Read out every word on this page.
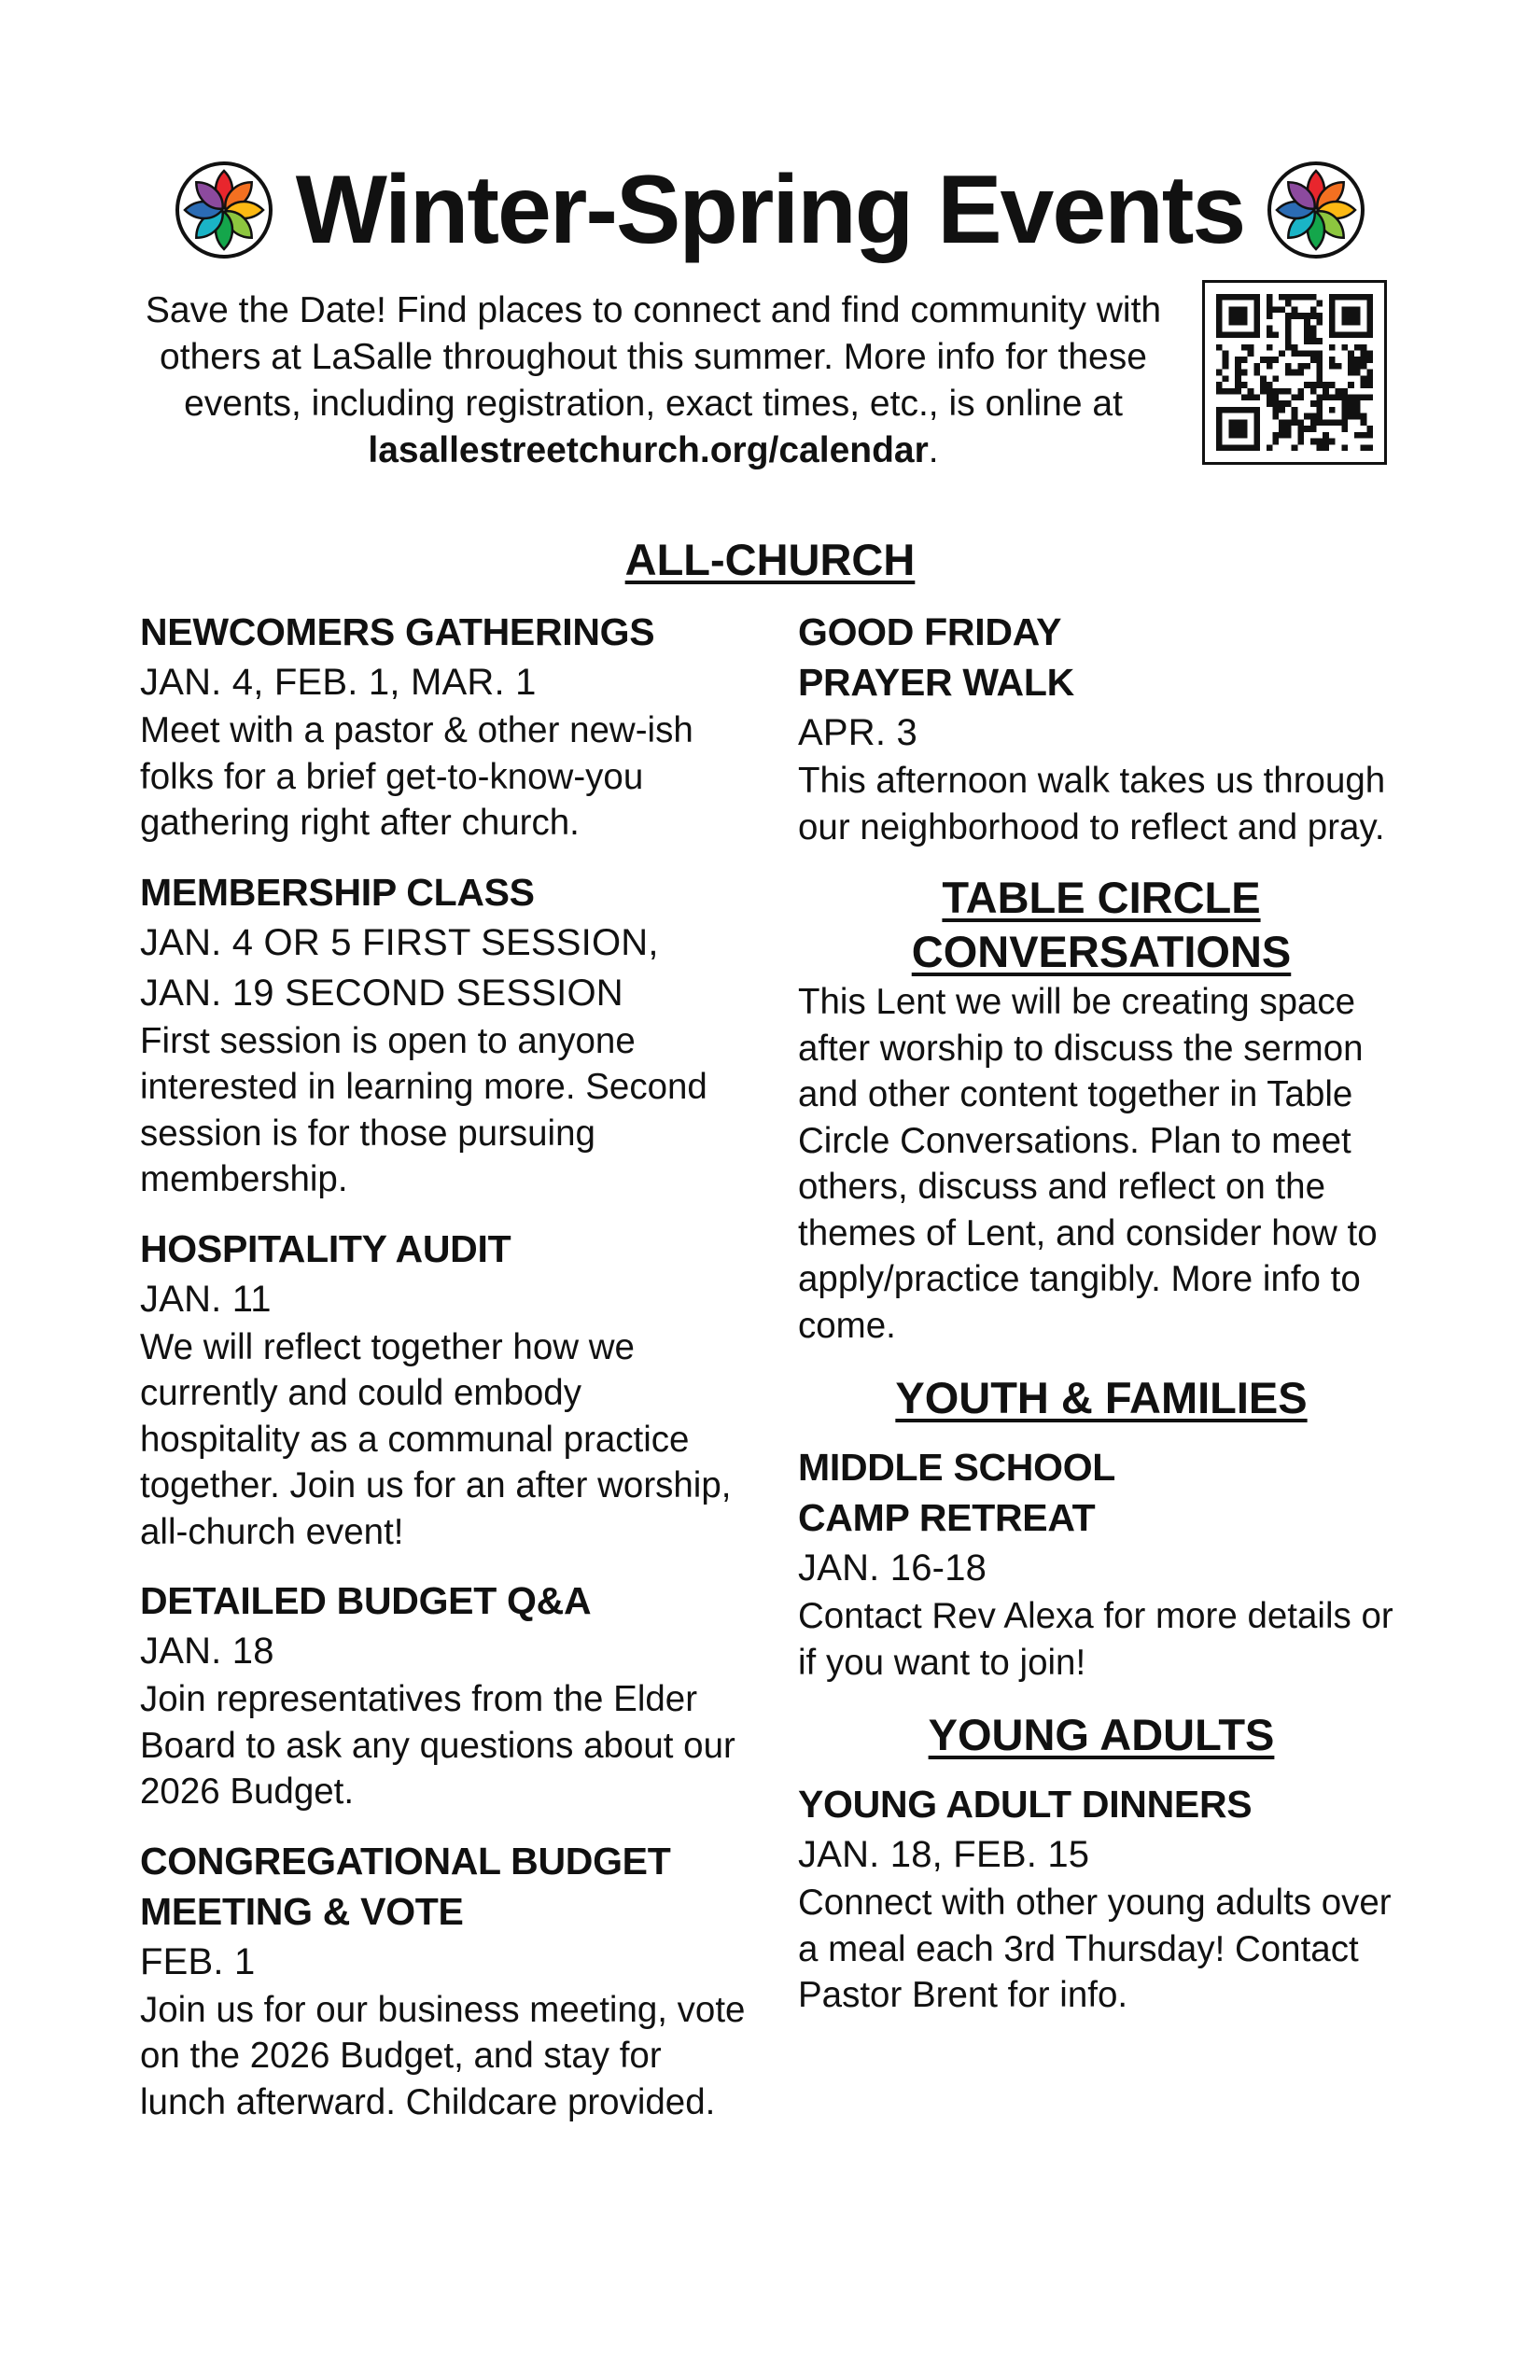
Winter-Spring Events
Save the Date! Find places to connect and find community with others at LaSalle throughout this summer. More info for these events, including registration, exact times, etc., is online at lasallestreetchurch.org/calendar.
ALL-CHURCH
NEWCOMERS GATHERINGS
JAN. 4, FEB. 1, MAR. 1
Meet with a pastor & other new-ish folks for a brief get-to-know-you gathering right after church.
MEMBERSHIP CLASS
JAN. 4 OR 5 FIRST SESSION, JAN. 19 SECOND SESSION
First session is open to anyone interested in learning more. Second session is for those pursuing membership.
HOSPITALITY AUDIT
JAN. 11
We will reflect together how we currently and could embody hospitality as a communal practice together. Join us for an after worship, all-church event!
DETAILED BUDGET Q&A
JAN. 18
Join representatives from the Elder Board to ask any questions about our 2026 Budget.
CONGREGATIONAL BUDGET MEETING & VOTE
FEB. 1
Join us for our business meeting, vote on the 2026 Budget, and stay for lunch afterward. Childcare provided.
GOOD FRIDAY PRAYER WALK
APR. 3
This afternoon walk takes us through our neighborhood to reflect and pray.
TABLE CIRCLE CONVERSATIONS
This Lent we will be creating space after worship to discuss the sermon and other content together in Table Circle Conversations. Plan to meet others, discuss and reflect on the themes of Lent, and consider how to apply/practice tangibly. More info to come.
YOUTH & FAMILIES
MIDDLE SCHOOL CAMP RETREAT
JAN. 16-18
Contact Rev Alexa for more details or if you want to join!
YOUNG ADULTS
YOUNG ADULT DINNERS
JAN. 18, FEB. 15
Connect with other young adults over a meal each 3rd Thursday! Contact Pastor Brent for info.
